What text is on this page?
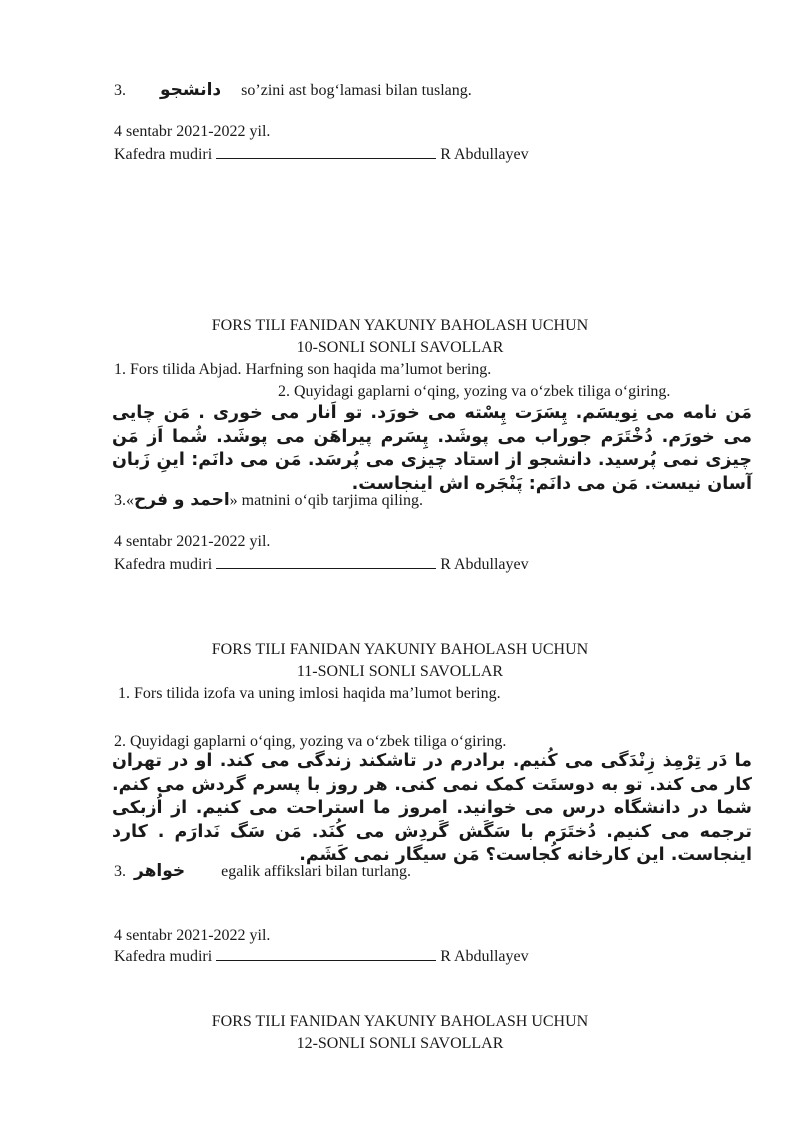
3. دانشجو so’zini ast bog‘lamasi bilan tuslang.
4 sentabr 2021-2022 yil.
Kafedra mudiri	R Abdullayev
FORS TILI FANIDAN YAKUNIY BAHOLASH UCHUN
10-SONLI SONLI SAVOLLAR
1. Fors tilida Abjad. Harfning son haqida ma’lumot bering.
2. Quyidagi gaplarni o‘qing, yozing va o‘zbek tiliga o‘giring.
مَن نامه می نِویسَم. پِسَرَت پِسْته می خورَد. تو اَنار می خوری . مَن چایی می خورَم. دُخْتَرَم جوراب می پوشَد. پِسَرم پیراهَن می پوشَد. شُما اَز مَن چیزی نمی پُرسید. دانشجو از استاد چیزی می پُرسَد. مَن می دانَم: اینِ زَبان آسان نیست. مَن می دانَم: پَنْجَره اش اینجاست.
3.«احمد و فرح» matnini o‘qib tarjima qiling.
4 sentabr 2021-2022 yil.
Kafedra mudiri	R Abdullayev
FORS TILI FANIDAN YAKUNIY BAHOLASH UCHUN
11-SONLI SONLI SAVOLLAR
1. Fors tilida izofa va uning imlosi haqida ma’lumot bering.
2. Quyidagi gaplarni o‘qing, yozing va o‘zbek tiliga o‘giring.
ما دَر تِرْمِذ زِنْدَگی می کُنیم. برادرم در تاشکند زندگی می کند. او در تهران کار می کند. تو به دوستَت کمک نمی کنی. هر روز با پسرم گردش می کنم. شما در دانشگاه درس می خوانید. امروز ما استراحت می کنیم. از اُزبکی ترجمه می کنیم. دُختَرَم با سَگَش گَردِش می کُنَد. مَن سَگ نَدارَم . کارد اینجاست. این کارخانه کُجاست؟ مَن سیگار نمی کَشَم.
3. خواهر egalik affikslari bilan turlang.
4 sentabr 2021-2022 yil.
Kafedra mudiri	R Abdullayev
FORS TILI FANIDAN YAKUNIY BAHOLASH UCHUN
12-SONLI SONLI SAVOLLAR
